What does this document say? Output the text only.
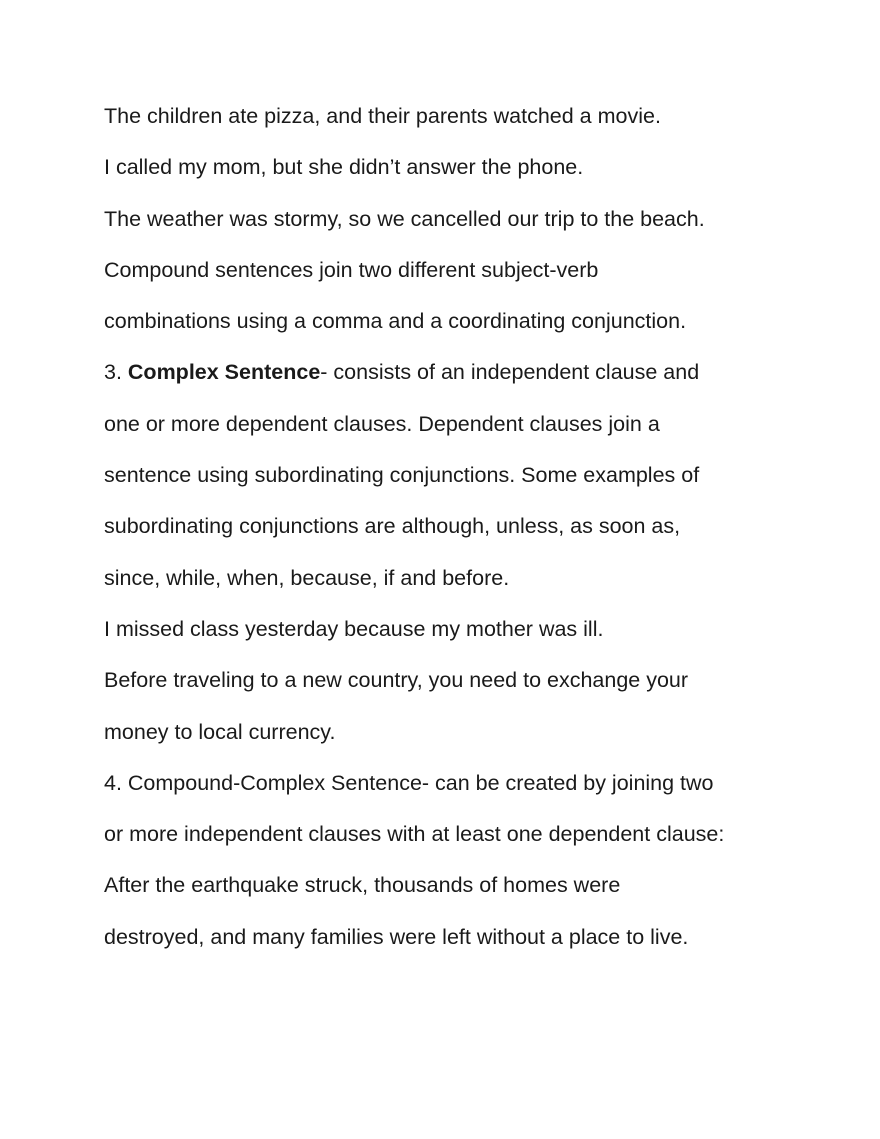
The children ate pizza, and their parents watched a movie.
I called my mom, but she didn’t answer the phone.
The weather was stormy, so we cancelled our trip to the beach.
Compound sentences join two different subject-verb
combinations using a comma and a coordinating conjunction.
3. Complex Sentence- consists of an independent clause and
one or more dependent clauses. Dependent clauses join a
sentence using subordinating conjunctions. Some examples of
subordinating conjunctions are although, unless, as soon as,
since, while, when, because, if and before.
I missed class yesterday because my mother was ill.
Before traveling to a new country, you need to exchange your
money to local currency.
4. Compound-Complex Sentence- can be created by joining two
or more independent clauses with at least one dependent clause:
After the earthquake struck, thousands of homes were
destroyed, and many families were left without a place to live.
